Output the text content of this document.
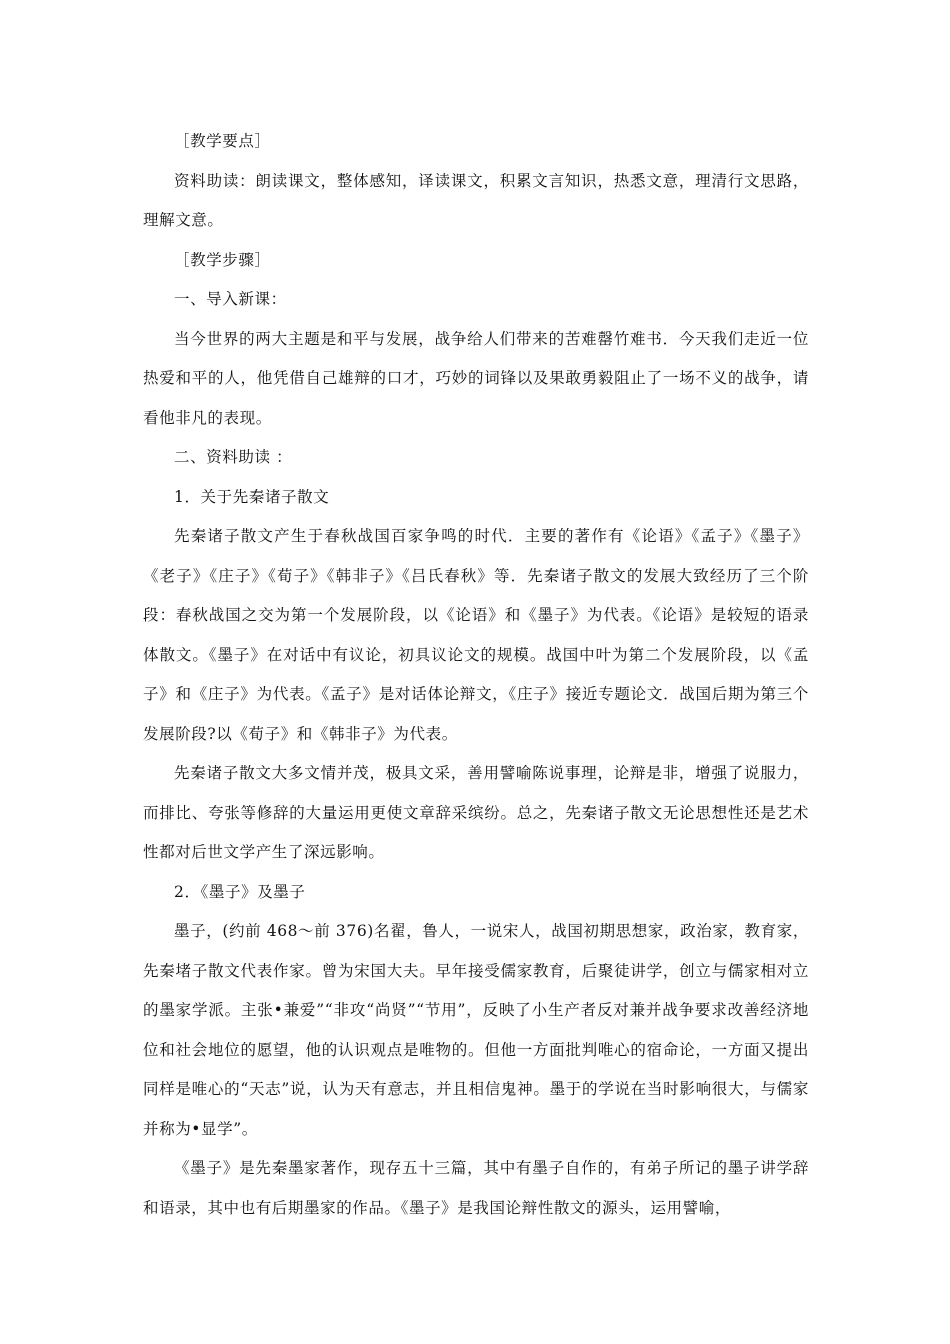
［教学要点］

资料助读：朗读课文，整体感知，译读课文，积累文言知识，热悉文意，理清行文思路，理解文意。

［教学步骤］

一、导入新课：

当今世界的两大主题是和平与发展，战争给人们带来的苦难罄竹难书．今天我们走近一位热爱和平的人，他凭借自己雄辩的口才，巧妙的词锋以及果敢勇毅阻止了一场不义的战争，请看他非凡的表现。

二、资料助读 ：

1．关于先秦诸子散文

先秦诸子散文产生于春秋战国百家争鸣的时代．主要的著作有《论语》《孟子》《墨子》《老子》《庄子》《荀子》《韩非子》《吕氏春秋》等．先秦诸子散文的发展大致经历了三个阶段：春秋战国之交为第一个发展阶段，以《论语》和《墨子》为代表。《论语》是较短的语录体散文。《墨子》在对话中有议论，初具议论文的规模。战国中叶为第二个发展阶段，以《孟子》和《庄子》为代表。《孟子》是对话体论辩文，《庄子》接近专题论文．战国后期为第三个发展阶段?以《荀子》和《韩非子》为代表。

先秦诸子散文大多文情并茂，极具文采，善用譬喻陈说事理，论辩是非，增强了说服力，而排比、夸张等修辞的大量运用更使文章辞采缤纷。总之，先秦诸子散文无论思想性还是艺术性都对后世文学产生了深远影响。

2．《墨子》及墨子

墨子，(约前 468～前 376)名翟，鲁人，一说宋人，战国初期思想家，政治家，教育家，先秦堵子散文代表作家。曾为宋国大夫。早年接受儒家教育，后聚徒讲学，创立与儒家相对立的墨家学派。主张•兼爱”“非攻“尚贤”“节用”，反映了小生产者反对兼并战争要求改善经济地位和社会地位的愿望，他的认识观点是唯物的。但他一方面批判唯心的宿命论，一方面又提出同样是唯心的“天志”说，认为天有意志，并且相信鬼神。墨于的学说在当时影响很大，与儒家并称为•显学”。

《墨子》是先秦墨家著作，现存五十三篇，其中有墨子自作的，有弟子所记的墨子讲学辞和语录，其中也有后期墨家的作品。《墨子》是我国论辩性散文的源头，运用譬喻，
